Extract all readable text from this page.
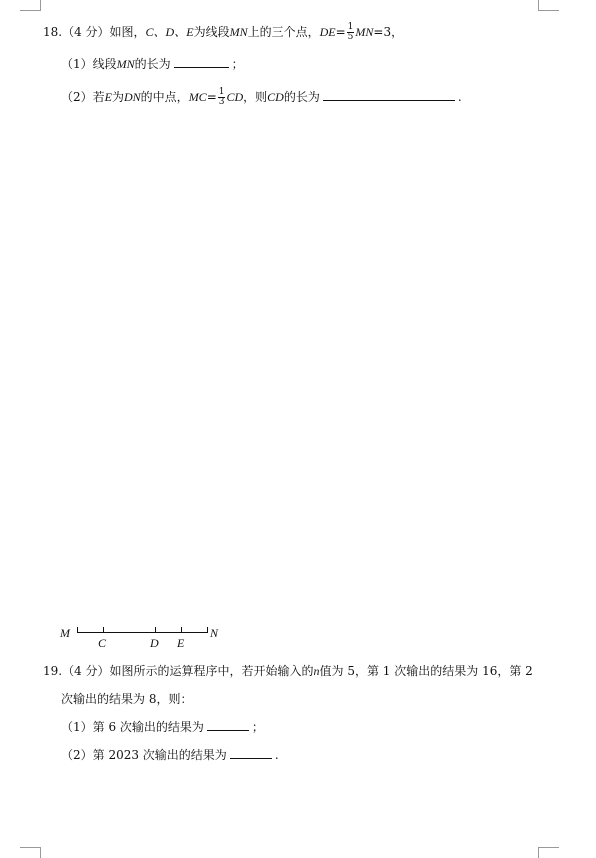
18.（4 分）如图，C、D、E为线段MN上的三个点，$DE= \frac{1}{5} MN=3$，
（1）线段MN的长为	；
（2）若E为DN的中点，$MC= \frac{1}{3}$ CD，则CD的长为	.
M
C	D E
N
19.（4 分）如图所示的运算程序中，若开始输入的n值为 5，第 1 次输出的结果为 16，第 2
次输出的结果为 8，则：
（1）第 6 次输出的结果为	；
（2）第 2023 次输出的结果为	.
